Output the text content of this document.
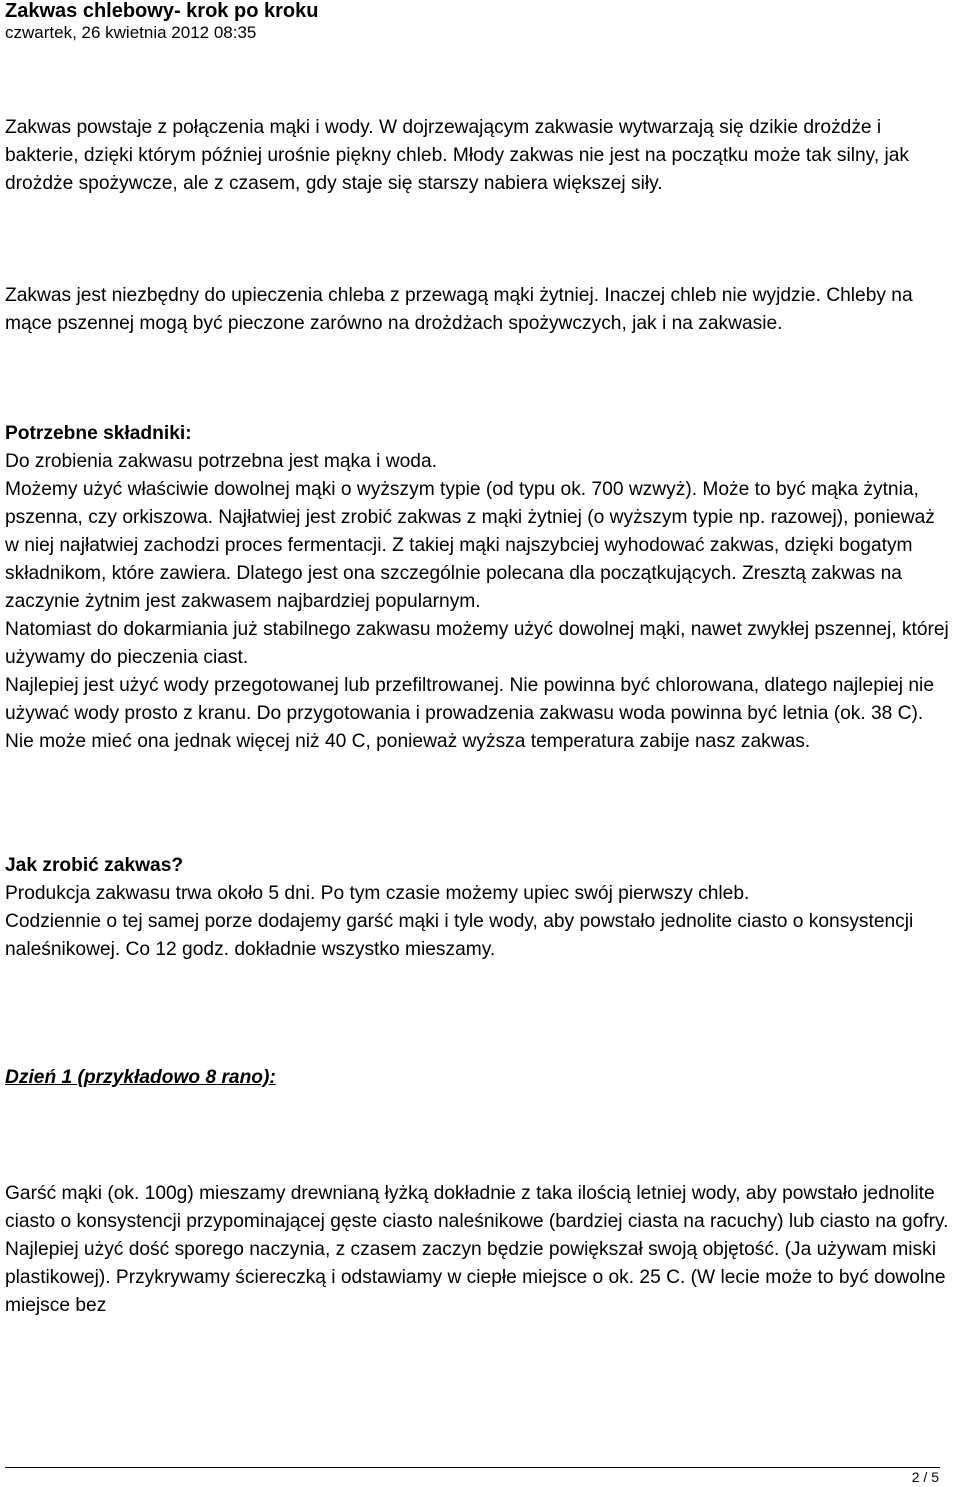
Zakwas chlebowy- krok po kroku
czwartek, 26 kwietnia 2012 08:35

Zakwas powstaje z połączenia mąki i wody. W dojrzewającym zakwasie wytwarzają się dzikie drożdże i bakterie, dzięki którym później urośnie piękny chleb. Młody zakwas nie jest na początku może tak silny, jak drożdże spożywcze, ale z czasem, gdy staje się starszy nabiera większej siły.

Zakwas jest niezbędny do upieczenia chleba z przewagą mąki żytniej. Inaczej chleb nie wyjdzie. Chleby na mące pszennej mogą być pieczone zarówno na drożdżach spożywczych, jak i na zakwasie.

Potrzebne składniki:

Do zrobienia zakwasu potrzebna jest mąka i woda.

Możemy użyć właściwie dowolnej mąki o wyższym typie (od typu ok. 700 wzwyż). Może to być mąka żytnia, pszenna, czy orkiszowa. Najłatwiej jest zrobić zakwas z mąki żytniej (o wyższym typie np. razowej), ponieważ w niej najłatwiej zachodzi proces fermentacji. Z takiej mąki najszybciej wyhodować zakwas, dzięki bogatym składnikom, które zawiera. Dlatego jest ona szczególnie polecana dla początkujących. Zresztą zakwas na zaczynie żytnim jest zakwasem najbardziej popularnym.

Natomiast do dokarmiania już stabilnego zakwasu możemy użyć dowolnej mąki, nawet zwykłej pszennej, której używamy do pieczenia ciast.

Najlepiej jest użyć wody przegotowanej lub przefiltrowanej. Nie powinna być chlorowana, dlatego najlepiej nie używać wody prosto z kranu. Do przygotowania i prowadzenia zakwasu woda powinna być letnia (ok. 38 C). Nie może mieć ona jednak więcej niż 40 C, ponieważ wyższa temperatura zabije nasz zakwas.

Jak zrobić zakwas?

Produkcja zakwasu trwa około 5 dni. Po tym czasie możemy upiec swój pierwszy chleb.

Codziennie o tej samej porze dodajemy garść mąki i tyle wody, aby powstało jednolite ciasto o konsystencji naleśnikowej. Co 12 godz. dokładnie wszystko mieszamy.

Dzień 1 (przykładowo 8 rano):

Garść mąki (ok. 100g) mieszamy drewnianą łyżką dokładnie z taka ilością letniej wody, aby powstało jednolite ciasto o konsystencji przypominającej gęste ciasto naleśnikowe (bardziej ciasta na racuchy) lub ciasto na gofry. Najlepiej użyć dość sporego naczynia, z czasem zaczyn będzie powiększał swoją objętość. (Ja używam miski plastikowej). Przykrywamy ściereczką i odstawiamy w ciepłe miejsce o ok. 25 C. (W lecie może to być dowolne miejsce bez

2 / 5
